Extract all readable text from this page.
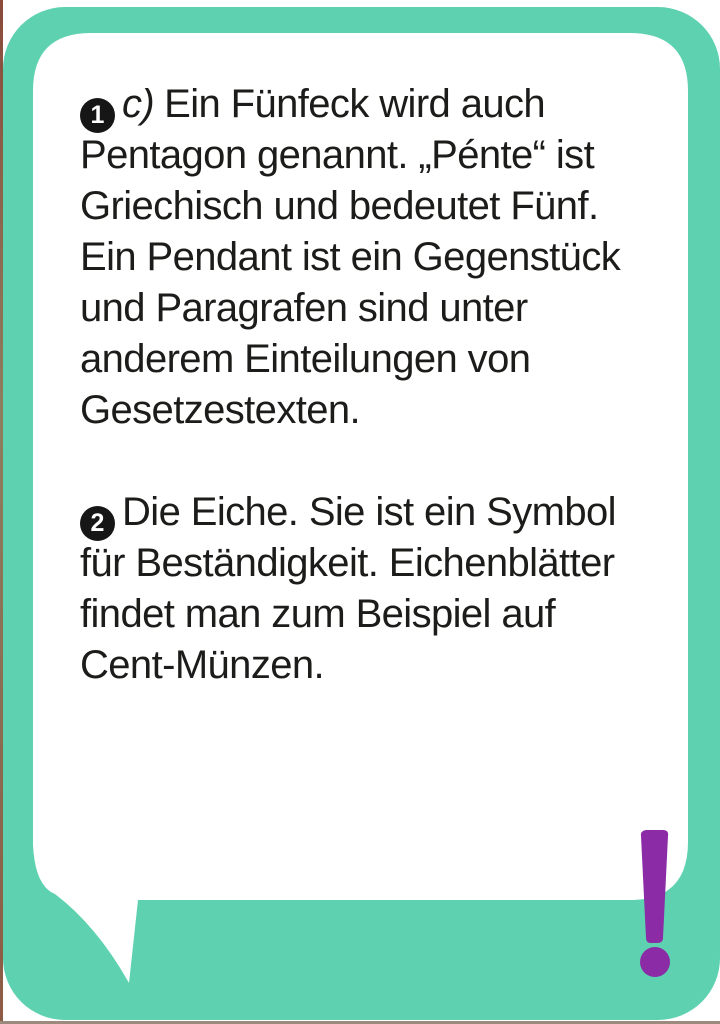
1 c) Ein Fünfeck wird auch
Pentagon genannt. „Pénte“ ist
Griechisch und bedeutet Fünf.
Ein Pendant ist ein Gegenstück
und Paragrafen sind unter
anderem Einteilungen von
Gesetzestexten.
2 Die Eiche. Sie ist ein Symbol
für Beständigkeit. Eichenblätter
findet man zum Beispiel auf
Cent-Münzen.
